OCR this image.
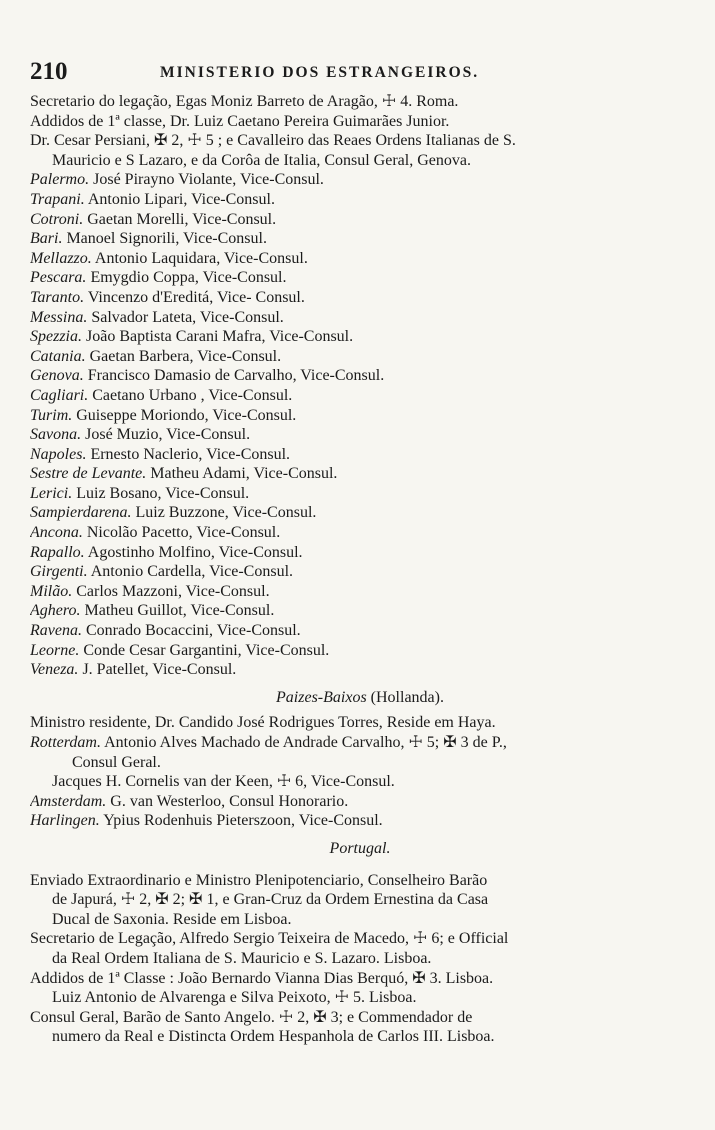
210	MINISTERIO DOS ESTRANGEIROS.
Secretario do legação, Egas Moniz Barreto de Aragão, ☩ 4. Roma.
Addidos de 1ª classe, Dr. Luiz Caetano Pereira Guimarães Junior.
Dr. Cesar Persiani, ✠ 2, ☩ 5 ; e Cavalleiro das Reaes Ordens Italianas de S.
Mauricio e S Lazaro, e da Corôa de Italia, Consul Geral, Genova.
Palermo. José Pirayno Violante, Vice-Consul.
Trapani. Antonio Lipari, Vice-Consul.
Cotroni. Gaetan Morelli, Vice-Consul.
Bari. Manoel Signorili, Vice-Consul.
Mellazzo. Antonio Laquidara, Vice-Consul.
Pescara. Emygdio Coppa, Vice-Consul.
Taranto. Vincenzo d'Ereditá, Vice- Consul.
Messina. Salvador Lateta, Vice-Consul.
Spezzia. João Baptista Carani Mafra, Vice-Consul.
Catania. Gaetan Barbera, Vice-Consul.
Genova. Francisco Damasio de Carvalho, Vice-Consul.
Cagliari. Caetano Urbano , Vice-Consul.
Turim. Guiseppe Moriondo, Vice-Consul.
Savona. José Muzio, Vice-Consul.
Napoles. Ernesto Naclerio, Vice-Consul.
Sestre de Levante. Matheu Adami, Vice-Consul.
Lerici. Luiz Bosano, Vice-Consul.
Sampierdarena. Luiz Buzzone, Vice-Consul.
Ancona. Nicolão Pacetto, Vice-Consul.
Rapallo. Agostinho Molfino, Vice-Consul.
Girgenti. Antonio Cardella, Vice-Consul.
Milão. Carlos Mazzoni, Vice-Consul.
Aghero. Matheu Guillot, Vice-Consul.
Ravena. Conrado Bocaccini, Vice-Consul.
Leorne. Conde Cesar Gargantini, Vice-Consul.
Veneza. J. Patellet, Vice-Consul.
Paizes-Baixos (Hollanda).
Ministro residente, Dr. Candido José Rodrigues Torres, Reside em Haya.
Rotterdam. Antonio Alves Machado de Andrade Carvalho, ☩ 5; ✠ 3 de P.,
Consul Geral.
Jacques H. Cornelis van der Keen, ☩ 6, Vice-Consul.
Amsterdam. G. van Westerloo, Consul Honorario.
Harlingen. Ypius Rodenhuis Pieterszoon, Vice-Consul.
Portugal.
Enviado Extraordinario e Ministro Plenipotenciario, Conselheiro Barão
de Japurá, ☩ 2, ✠ 2; ✠ 1, e Gran-Cruz da Ordem Ernestina da Casa
Ducal de Saxonia. Reside em Lisboa.
Secretario de Legação, Alfredo Sergio Teixeira de Macedo, ☩ 6; e Official
da Real Ordem Italiana de S. Mauricio e S. Lazaro. Lisboa.
Addidos de 1ª Classe : João Bernardo Vianna Dias Berquó, ✠ 3. Lisboa.
Luiz Antonio de Alvarenga e Silva Peixoto, ☩ 5. Lisboa.
Consul Geral, Barão de Santo Angelo. ☩ 2, ✠ 3; e Commendador de
numero da Real e Distincta Ordem Hespanhola de Carlos III. Lisboa.
